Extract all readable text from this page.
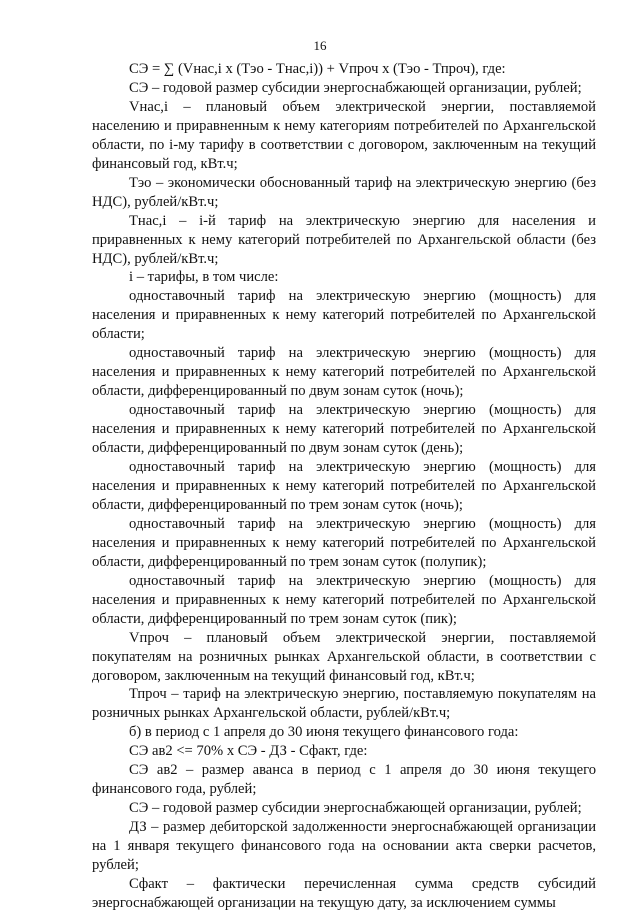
16

СЭ = ∑ (Vнас,i х (Тэо - Тнас,i)) + Vпроч х (Тэо - Тпроч), где:

СЭ – годовой размер субсидии энергоснабжающей организации, рублей;

Vнас,i – плановый объем электрической энергии, поставляемой населению и приравненным к нему категориям потребителей по Архангельской области, по i-му тарифу в соответствии с договором, заключенным на текущий финансовый год, кВт.ч;

Тэо – экономически обоснованный тариф на электрическую энергию (без НДС), рублей/кВт.ч;

Тнас,i – i-й тариф на электрическую энергию для населения и приравненных к нему категорий потребителей по Архангельской области (без НДС), рублей/кВт.ч;

i – тарифы, в том числе:

одноставочный тариф на электрическую энергию (мощность) для населения и приравненных к нему категорий потребителей по Архангельской области;

одноставочный тариф на электрическую энергию (мощность) для населения и приравненных к нему категорий потребителей по Архангельской области, дифференцированный по двум зонам суток (ночь);

одноставочный тариф на электрическую энергию (мощность) для населения и приравненных к нему категорий потребителей по Архангельской области, дифференцированный по двум зонам суток (день);

одноставочный тариф на электрическую энергию (мощность) для населения и приравненных к нему категорий потребителей по Архангельской области, дифференцированный по трем зонам суток (ночь);

одноставочный тариф на электрическую энергию (мощность) для населения и приравненных к нему категорий потребителей по Архангельской области, дифференцированный по трем зонам суток (полупик);

одноставочный тариф на электрическую энергию (мощность) для населения и приравненных к нему категорий потребителей по Архангельской области, дифференцированный по трем зонам суток (пик);

Vпроч – плановый объем электрической энергии, поставляемой покупателям на розничных рынках Архангельской области, в соответствии с договором, заключенным на текущий финансовый год, кВт.ч;

Тпроч – тариф на электрическую энергию, поставляемую покупателям на розничных рынках Архангельской области, рублей/кВт.ч;

б) в период с 1 апреля до 30 июня текущего финансового года:

СЭ ав2 <= 70% х СЭ - ДЗ - Сфакт, где:

СЭ ав2 – размер аванса в период с 1 апреля до 30 июня текущего финансового года, рублей;

СЭ – годовой размер субсидии энергоснабжающей организации, рублей;

ДЗ – размер дебиторской задолженности энергоснабжающей организации на 1 января текущего финансового года на основании акта сверки расчетов, рублей;

Сфакт – фактически перечисленная сумма средств субсидий энергоснабжающей организации на текущую дату, за исключением суммы
